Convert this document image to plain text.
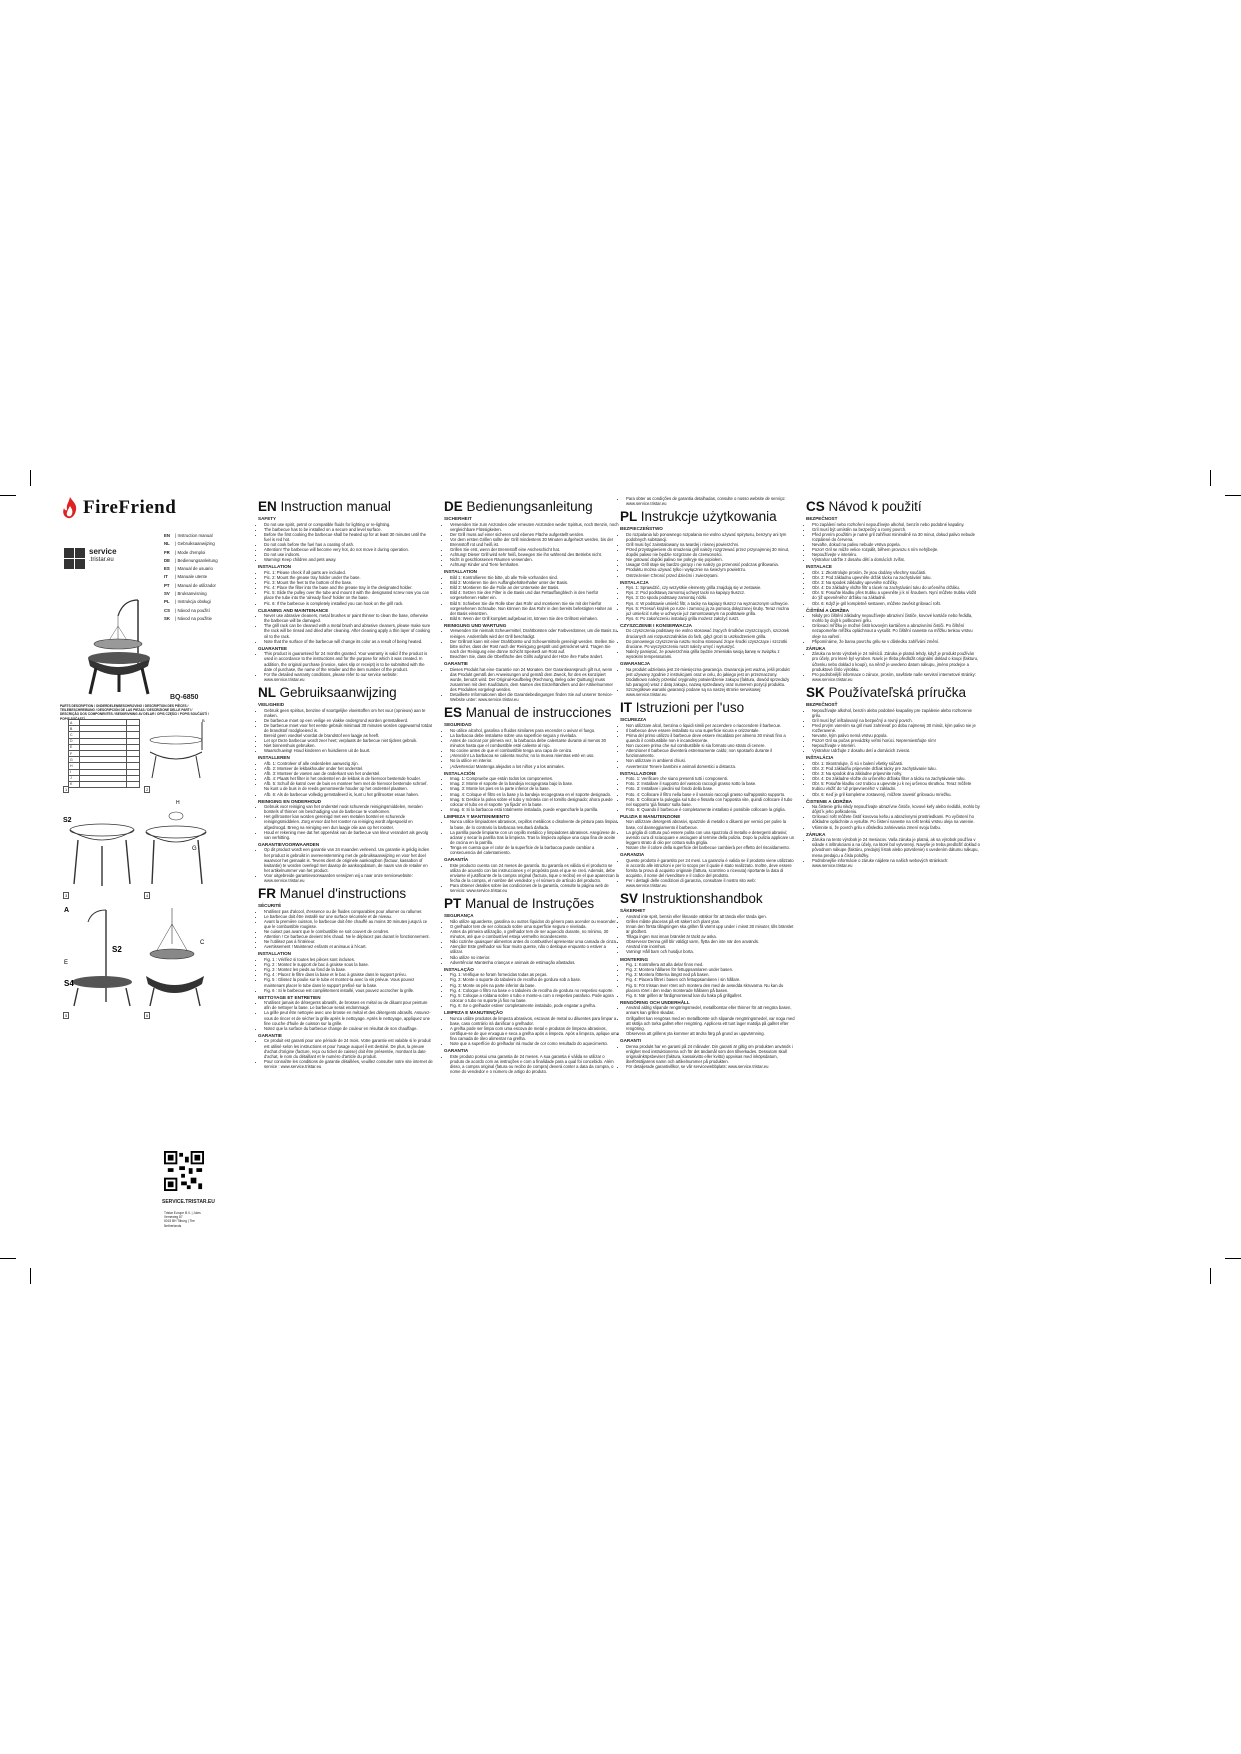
FireFriend
service
.tristar.eu
EN | Instruction manual
NL | Gebruiksaanwijzing
FR | Mode d'emploi
DE | Bedienungsanleitung
ES | Manual de usuario
IT | Manuale utente
PT | Manual de utilizador
SV | Bruksanvisning
PL | Instrukcja obsługi
CS | Návod na použití
SK | Návod na použitie
BQ-6850
PARTS DESCRIPTION / ONDERDELENBESCHRIJVING / DESCRIPTION DES PIÈCES / TEILEBESCHREIBUNG / DESCRIPCIÓN DE LAS PIEZAS / DESCRIZIONE DELLE PARTI / DESCRIÇÃO DOS COMPONENTES / BESKRIVNING AV DELAR / OPIS CZĘŚCI / POPIS SOUČÁSTÍ / POPIS SÚČASTÍ
A		
B		
C		
D		
E		
F		
G		
H		
I		
J		
K		
B
1	2
S2
H
G
3	4
A
S2
E
S4
C
5	6
SERVICE.TRISTAR.EU
Tristar Europe B.V. | Jules Verneweg 87
5015 BH Tilburg | The Netherlands
EN Instruction manual
SAFETY
• Do not use spirit, petrol or compatible fluids for lighting or re-lighting.
• The barbecue has to be installed on a secure and level surface.
• Before the first cooking the barbecue shall be heated up for at least 30 minutes until the fuel is red hot.
• Do not cook before the fuel has a coating of ash.
• Attention! The barbecue will become very hot, do not move it during operation.
• Do not use indoors.
• Warning! Keep children and pets away.
INSTALLATION
• Pic. 1: Please check if all parts are included.
• Pic. 2: Mount the grease tray holder under the base.
• Pic. 3: Mount the feet to the bottom of the base.
• Pic. 4: Place the filter into the base and the grease tray in the designated holder.
• Pic. 5: Slide the pulley over the tube and mount it with the designated screw now you can place the tube into the 'already fixed' holder on the base.
• Pic. 6: If the barbecue is completely installed you can hook on the grill rack.
CLEANING AND MAINTENANCE
• Never use abrasive cleaners, metal brushes or paint thinner to clean the base, otherwise the barbecue will be damaged.
• The grill rack can be cleaned with a metal brush and abrasive cleaners, please make sure the rack will be rinsed and dried after cleaning. After cleaning apply a thin layer of cooking oil to the rack.
• Note that the surface of the barbecue will change its color as a result of being heated.
GUARANTEE
• This product is guaranteed for 24 months granted. Your warranty is valid if the product is used in accordance to the instructions and for the purpose for which it was created. In addition, the original purchase (invoice, sales slip or receipt) is to be submitted with the date of purchase, the name of the retailer and the item number of the product.
• For the detailed warranty conditions, please refer to our service website: www.service.tristar.eu
NL Gebruiksaanwijzing
VEILIGHEID
• Gebruik geen spiritus, benzine of soortgelijke vloeistoffen om het vuur (opnieuw) aan te maken.
• De barbecue moet op een veilige en vlakke ondergrond worden geïnstalleerd.
• De barbecue moet voor het eerste gebruik minimaal 30 minuten worden opgewarmd totdat de brandstof roodgloeiend is.
• Bereid geen voedsel voordat de brandstof een laagje as heeft.
• Let op! Deze barbecue wordt zeer heet; verplaats de barbecue niet tijdens gebruik.
• Niet binnenshuis gebruiken.
• Waarschuwing! Houd kinderen en huisdieren uit de buurt.
INSTALLEREN
• Afb. 1: Controleer of alle onderdelen aanwezig zijn.
• Afb. 2: Monteer de lekbakhouder onder het onderstel.
• Afb. 3: Monteer de voeten aan de onderkant van het onderstel.
• Afb. 4: Plaats het filter in het onderstel en de lekbak in de hiervoor bestemde houder.
• Afb. 5: Schuif de katrol over de buis en monteer hem met de hiervoor bestemde schroef. Nu kunt u de buis in de reeds gemonteerde houder op het onderstel plaatsen.
• Afb. 6: Als de barbecue volledig geïnstalleerd is, kunt u het grillrooster eraan haken.
REINIGING EN ONDERHOUD
• Gebruik voor reiniging van het onderstel nooit schurende reinigingsmiddelen, metalen borstels of thinner om beschadiging van de barbecue te voorkomen.
• Het grillrooster kan worden gereinigd met een metalen borstel en schurende reinigingsmiddelen. Zorg ervoor dat het rooster na reiniging wordt afgespoeld en afgedroogd. Breng na reiniging een dun laagje olie aan op het rooster.
• Houd er rekening mee dat het oppervlak van de barbecue van kleur verandert als gevolg van verhitting.
GARANTIEVOORWAARDEN
• Op dit product wordt een garantie van 24 maanden verleend. Uw garantie is geldig indien het product is gebruikt in overeenstemming met de gebruiksaanwijzing en voor het doel waarvoor het gemaakt is. Tevens dient de originele aankoopbon (factuur, kassabon of kwitantie) te worden overlegd met daarop de aankoopdatum, de naam van de retailer en het artikelnummer van het product.
• Voor uitgebreide garantievoorwaarden verwijzen wij u naar onze servicewebsite: www.service.tristar.eu
FR Manuel d'instructions
SÉCURITÉ
• N'utilisez pas d'alcool, d'essence ou de fluides comparables pour allumer ou rallumer.
• Le barbecue doit être installé sur une surface sécurisée et de niveau.
• Avant la première cuisson, le barbecue doit être chauffé au moins 30 minutes jusqu'à ce que le combustible rougisse.
• Ne cuisez pas avant que le combustible ne soit couvert de cendres.
• Attention ! Ce barbecue devient très chaud. Ne le déplacez pas durant le fonctionnement.
• Ne l'utilisez pas à l'intérieur.
• Avertissement ! Maintenez enfants et animaux à l'écart.
INSTALLATION
• Fig. 1 : Vérifiez si toutes les pièces sont incluses.
• Fig. 2 : Montez le support de bac à graisse sous la base.
• Fig. 3 : Montez les pieds au fond de la base.
• Fig. 4 : Placez le filtre dans la base et le bac à graisse dans le support prévu.
• Fig. 5 : Glissez la poulie sur le tube et montez-la avec la vis prévue. Vous pouvez maintenant placer le tube dans le support prefixé sur la base.
• Fig. 6 : Si le barbecue est complètement installé, vous pouvez accrocher la grille.
NETTOYAGE ET ENTRETIEN
• N'utilisez jamais de détergents abrasifs, de brosses en métal ou de diluant pour peinture afin de nettoyer la base. Le barbecue serait endommagé.
• La grille peut être nettoyée avec une brosse en métal et des détergents abrasifs. Assurez-vous de rincer et de sécher la grille après le nettoyage. Après le nettoyage, appliquez une fine couche d'huile de cuisson sur la grille.
• Notez que la surface du barbecue change de couleur en résultat de son chauffage.
GARANTIE
• Ce produit est garanti pour une période de 24 mois. Votre garantie est valable si le produit est utilisé selon les instructions et pour l'usage auquel il est destiné. De plus, la preuve d'achat d'origine (facture, reçu ou ticket de caisse) doit être présentée, montrant la date d'achat, le nom du détaillant et le numéro d'article du produit.
• Pour connaître les conditions de garantie détaillées, veuillez consulter notre site internet de service : www.service.tristar.eu
DE Bedienungsanleitung
SICHERHEIT
• Verwenden Sie zum Anzünden oder erneuten Anzünden weder Spiritus, noch Benzin, noch vergleichbare Flüssigkeiten.
• Der Grill muss auf einer sicheren und ebenen Fläche aufgestellt werden.
• Vor dem ersten Grillen sollte der Grill mindestens 30 Minuten aufgeheizt werden, bis der Brennstoff rot und heiß ist.
• Grillen Sie erst, wenn der Brennstoff eine Ascheschicht hat.
• Achtung! Dieser Grill wird sehr heiß, bewegen Sie ihn während des Betriebs nicht.
• Nicht in geschlossenen Räumen verwenden.
• Achtung! Kinder und Tiere fernhalten.
INSTALLATION
• Bild 1: Kontrollieren Sie bitte, ob alle Teile vorhanden sind.
• Bild 2: Montieren Sie den Auffangbehälterhalter unter der Basis.
• Bild 3: Montieren Sie die Füße an der Unterseite der Basis.
• Bild 4: Setzen Sie den Filter in die Basis und das Fettauffangblech in den hierfür vorgesehenen Halter ein.
• Bild 5: Schieben Sie die Rolle über das Rohr und montieren Sie sie mit der hierfür vorgesehenen Schraube. Nun können Sie das Rohr in den bereits befestigten Halter an der Basis einsetzen.
• Bild 6: Wenn der Grill komplett aufgebaut ist, können Sie den Grillrost einhaken.
REINIGUNG UND WARTUNG
• Verwenden Sie niemals Scheuermittel, Drahtbürsten oder Farbverdünner, um die Basis zu reinigen. Andernfalls wird der Grill beschädigt.
• Der Grillrost kann mit einer Drahtbürste und Scheuermitteln gereinigt werden. Stellen Sie bitte sicher, dass der Rost nach der Reinigung gespült und getrocknet wird. Tragen Sie nach der Reinigung eine dünne Schicht Speiseöl am Rost auf.
• Beachten Sie, dass die Oberfläche des Grills aufgrund der Hitze ihre Farbe ändert.
GARANTIE
• Dieses Produkt hat eine Garantie von 24 Monaten. Der Garantieanspruch gilt nur, wenn das Produkt gemäß den Anweisungen und gemäß dem Zweck, für den es konzipiert wurde, benutzt wird. Der Original-Kaufbeleg (Rechnung, Beleg oder Quittung) muss zusammen mit dem Kaufdatum, dem Namen des Einzelhändlers und der Artikelnummer des Produktes vorgelegt werden.
• Detaillierte Informationen über die Garantiebedingungen finden Sie auf unserer Service-Website unter: www.service.tristar.eu
ES Manual de instrucciones
SEGURIDAD
• No utilice alcohol, gasolina o fluidos similares para encender o avivar el fuego.
• La barbacoa debe instalarse sobre una superficie segura y nivelada.
• Antes de cocinar por primera vez, la barbacoa debe calentarse durante al menos 30 minutos hasta que el combustible esté caliente al rojo.
• No cocine antes de que el combustible tenga una capa de ceniza.
• ¡Atención! La barbacoa se calienta mucho; no la mueva mientras esté en uso.
• No la utilice en interior.
• ¡Advertencia! Mantenga alejados a los niños y a los animales.
INSTALACIÓN
• Imag. 1: Compruebe que están todos los componentes.
• Imag. 2: Monte el soporte de la bandeja recogegrasa bajo la base.
• Imag. 3: Monte los pies en la parte inferior de la base.
• Imag. 4: Coloque el filtro en la base y la bandeja recogegrasa en el soporte designado.
• Imag. 5: Deslice la polea sobre el tubo y móntela con el tornillo designado; ahora puede colocar el tubo en el soporte 'ya fijado' en la base.
• Imag. 6: Si la barbacoa está totalmente instalada, puede engancharle la parrilla.
LIMPIEZA Y MANTENIMIENTO
• Nunca utilice limpiadores abrasivos, cepillos metálicos o disolvente de pintura para limpiar la base, de lo contrario la barbacoa resultará dañada.
• La parrilla puede limpiarse con un cepillo metálico y limpiadores abrasivos. Asegúrese de aclarar y secar la parrilla tras la limpieza. Tras la limpieza aplique una capa fina de aceite de cocina en la parrilla.
• Tenga en cuenta que el color de la superficie de la barbacoa puede cambiar a consecuencia del calentamiento.
GARANTÍA
• Este producto cuenta con 24 meses de garantía. Su garantía es válida si el producto se utiliza de acuerdo con las instrucciones y el propósito para el que se creó. Además, debe enviarse el justificante de la compra original (factura, tique o recibo) en el que aparezcan la fecha de la compra, el nombre del vendedor y el número de artículo del producto.
• Para obtener detalles sobre las condiciones de la garantía, consulte la página web de servicio: www.service.tristar.eu
PT Manual de Instruções
SEGURANÇA
• Não utilize aguardente, gasolina ou outros líquidos do género para acender ou reacender.
• O grelhador tem de ser colocado sobre uma superfície segura e nivelada.
• Antes da primeira utilização, o grelhador tem de ser aquecido durante, no mínimo, 30 minutos, até que o combustível esteja vermelho incandescente.
• Não cozinhe quaisquer alimentos antes do combustível apresentar uma camada de cinza.
• Atenção! Este grelhador vai ficar muito quente, não o desloque enquanto o estiver a utilizar.
• Não utilize no interior.
• Advertência! Mantenha crianças e animais de estimação afastados.
INSTALAÇÃO
• Fig. 1: Verifique se foram fornecidas todas as peças.
• Fig. 2: Monte o suporte do tabuleiro de recolha de gordura sob a base.
• Fig. 3: Monte os pés na parte inferior da base.
• Fig. 4: Coloque o filtro na base e o tabuleiro de recolha de gordura no respetivo suporte.
• Fig. 5: Coloque a roldana sobre o tubo e monte-a com o respetivo parafuso. Pode agora colocar o tubo no suporte já fixo na base.
• Fig. 6: Se o grelhador estiver completamente instalado, pode engatar a grelha.
LIMPEZA E MANUTENÇÃO
• Nunca utilize produtos de limpeza abrasivos, escovas de metal ou diluentes para limpar a base, caso contrário irá danificar o grelhador.
• A grelha pode ser limpa com uma escova de metal e produtos de limpeza abrasivos, certifique-se de que enxagua e seca a grelha após a limpeza. Após a limpeza, aplique uma fina camada de óleo alimentar na grelha.
• Note que a superfície do grelhador irá mudar de cor como resultado do aquecimento.
GARANTIA
• Este produto possui uma garantia de 24 meses. A sua garantia é válida se utilizar o produto de acordo com as instruções e com a finalidade para a qual foi concebido. Além disso, a compra original (fatura ou recibo de compra) deverá conter a data da compra, o nome do vendedor e o número de artigo do produto.
• Para obter as condições de garantia detalhadas, consulte o nosso website de serviço: www.service.tristar.eu
PL Instrukcje użytkowania
BEZPIECZEŃSTWO
• Do rozpalania lub ponownego rozpalania nie wolno używać spirytusu, benzyny ani tym podobnych substancji.
• Grill musi być zainstalowany na twardej i równej powierzchni.
• Przed przystąpieniem do smażenia grill należy rozgrzewać przez przynajmniej 30 minut, dopóki paliwo nie będzie rozgrzane do czerwoności.
• Nie gotować dopóki paliwo nie pokryje się popiołem.
• Uwaga! Grill staje się bardzo gorący i nie należy go przenosić podczas grillowania.
• Produktu można używać tylko i wyłącznie na świeżym powietrzu.
• Ostrzeżenie! Chronić przed dziećmi i zwierzętami.
INSTALACJA
• Rys. 1: Sprawdzić, czy wszystkie elementy grilla znajdują się w zestawie.
• Rys. 2: Pod podstawą zamontuj uchwyt tacki na kapiący tłuszcz.
• Rys. 3: Do spodu podstawy zamontuj nóżki.
• Rys. 4: W podstawie umieść filtr, a tackę na kapiący tłuszcz na wyznaczonym uchwycie.
• Rys. 5: Przesuń krążek po rurze i zamocuj ją za pomocą dołączonej śruby. Teraz można już umieścić rurkę w uchwycie już zamontowanym na podstawie grilla.
• Rys. 6: Po zakończeniu instalacji grilla możesz założyć ruszt.
CZYSZCZENIE I KONSERWACJA
• Do czyszczenia podstawy nie wolno stosować żrących środków czyszczących, szczotek drucianych ani rozpuszczalników do farb, gdyż grozi to uszkodzeniem grilla.
• Do ponownego czyszczenia rusztu można stosować żrące środki czyszczące i szczotki druciane. Po wyczyszczeniu ruszt należy umyć i wysuszyć.
• Należy pamiętać, że powierzchnia grilla będzie zmieniała swoją barwę w związku z wysokimi temperaturami.
GWARANCJA
• Na produkt udzielana jest 24-miesięczna gwarancja. Gwarancja jest ważna, jeśli produkt jest używany zgodnie z instrukcjami oraz w celu, do jakiego jest on przeznaczony. Dodatkowo należy przesłać oryginalny potwierdzenie zakupu (faktura, dowód sprzedaży lub paragon) wraz z datą zakupu, nazwą sprzedawcy oraz numerem pozycji produktu.
• Szczegółowe warunki gwarancji podane są na naszej stronie serwisowej: www.service.tristar.eu
IT Istruzioni per l'uso
SICUREZZA
• Non utilizzare alcol, benzina o liquidi simili per accendere o riaccendere il barbecue.
• Il barbecue deve essere installato su una superficie sicura e orizzontale.
• Prima del primo utilizzo il barbecue deve essere riscaldato per almeno 30 minuti fino a quando il combustibile non è incandescente.
• Non cuocere prima che sul combustibile si sia formato uno strato di cenere.
• Attenzione! Il barbecue diventerà estremamente caldo; non spostarlo durante il funzionamento.
• Non utilizzare in ambienti chiusi.
• Avvertenza! Tenere bambini e animali domestici a distanza.
INSTALLAZIONE
• Foto. 1: Verificare che siano presenti tutti i componenti.
• Foto. 2: Installare il supporto del vassoio raccogli grasso sotto la base.
• Foto. 3: Installare i piedini sul fondo della base.
• Foto. 4: Collocare il filtro nella base e il vassoio raccogli grasso sull'apposito supporto.
• Foto. 5: Collocare la puleggia sul tubo e fissarla con l'apposita vite, quindi collocare il tubo nel supporto 'già fissato' sulla base.
• Foto. 6: Quando il barbecue è completamente installato è possibile collocare la griglia.
PULIZIA E MANUTENZIONE
• Non utilizzare detergenti abrasivi, spazzole di metallo o diluenti per vernici per pulire la base, col danneggiamento il barbecue.
• La griglia di cottura può essere pulita con una spazzola di metallo e detergenti abrasivi; avendo cura di sciacquare e asciugare al termine della pulizia. Dopo la pulizia applicare un leggero strato di olio per cottura sulla griglia.
• Notare che il colore della superficie del barbecue cambierà per effetto del riscaldamento.
GARANZIA
• Questo prodotto è garantito per 24 mesi. La garanzia è valida se il prodotto viene utilizzato in accordo alle istruzioni e per lo scopo per il quale è stato realizzato. Inoltre, deve essere fornita la prova di acquisto originale (fattura, scontrino o ricevuta) riportante la data di acquisto, il nome del rivenditore e il codice del prodotto.
• Per i dettagli delle condizioni di garanzia, consultare il nostro sito web: www.service.tristar.eu
SV Instruktionshandbok
SÄKERHET
• Använd inte sprit, bensin eller liknande vätskor för att tända eller tända igen.
• Grillen måste placeras på ett säkert och plant ytan.
• Innan den första tillagningen ska grillen få värmt upp under i minst 30 minuter, tills bränslet är glödhett.
• Tillaga ingen mat innan bränslet är täckt av aska.
• Observera! Denna grill blir väldigt varm, flytta den inte när den används.
• Använd inte inomhus.
• Varning! Håll barn och husdjur borta.
MONTERING
• Fig. 1: Kontrollera att alla delar finns med.
• Fig. 2: Montera hållaren för fettuppsamlaren under basen.
• Fig. 3: Montera fötterna längst ned på basen.
• Fig. 4: Placera filtret i basen och fettuppsamlaren i sin hållare.
• Fig. 5: För trissan över röret och montera den med de avsedda skruvarna. Nu kan du placera röret i den redan monterade hållaren på basen.
• Fig. 6: När grillen är färdigmonterad kan du haka på grillgallret.
RENGÖRING OCH UNDERHÅLL
• Använd aldrig slipande rengöringsmedel, metallborstar eller thinner för att rengöra basen, annars kan grillen skadas.
• Grillgallret kan rengöras med en metallborste och slipande rengöringsmedel, var noga med att skölja och torka gallret efter rengöring. Applicera ett tunt lager matolja på gallret efter rengöring.
• Observera att grillens yta kommer att ändra färg på grund av uppvärmning.
GARANTI
• Denna produkt har en garanti på 24 månader. Din garanti är giltig om produkten används i enlighet med instruktionerna och för det ändamål som den tillverkades. Dessutom skall originalinköpsbeviset (faktura, kassakvitto eller kvitto) uppvisas med inköpsdatum, återförsäljarens namn och artikelnummer på produkten.
• För detaljerade garantivillkor, se vår servicewebbplats: www.service.tristar.eu
CS Návod k použití
BEZPEČNOST
• Pro zapálení nebo rozhoření nepoužívejte alkohol, benzín nebo podobné kapaliny.
• Gril musí být umístěn na bezpečný a rovný povrch.
• Před prvním použitím je nutné gril zahřívat minimálně na 30 minut, dokud palivo nebude rozpálené do červena.
• Nevařte, dokud na palivu nebude vrstva popela.
• Pozor! Gril se může velice rozpálit, během provozu s ním nehýbejte.
• Nepoužívejte v interiéru.
• Výstraha! Udržte z dosahu dětí a domácích zvířat.
INSTALACE
• Obr. 1: Zkontrolujte prosím, že jsou dodány všechny součásti.
• Obr. 2: Pod základnu upevněte držák tácku na zachytávání tuku.
• Obr. 3: Na spodek základny upevněte nožičky.
• Obr. 4: Do základny vložte filtr a tácek na zachytávání tuku do určeného držáku.
• Obr. 5: Posuňte kladku přes trubku a upevněte ji k ní šroubem. Nyní můžete trubku vložit do 'již upevněného' držáku na základně.
• Obr. 6: Když je gril kompletně sestaven, můžete zavěsit grilovací rošt.
ČIŠTĚNÍ A ÚDRŽBA
• Nikdy pro čištění základny nepoužívejte abrazivní čističe, kovové kartáče nebo ředidla, mohlo by dojít k poškození grilu.
• Grilovací mřížku je možné čistit kovovým kartáčem a abrazivními čističi. Po čištění nezapomeňte mřížku opláchnout a vysušit. Po čištění naneste na mřížku tenkou vrstvu oleje na vaření.
• Připomínáme, že barva povrchu grilu se v důsledku zahřívání změní.
ZÁRUKA
• Záruka na tento výrobek je 24 měsíců. Záruka je platná tehdy, když je produkt používán pro účely, pro které byl vyroben. Navíc je třeba předložit originální doklad o koupi (fakturu, účtenku nebo doklad o koupi), na němž je uvedeno datum nákupu, jméno prodejce a produktové číslo výrobku.
• Pro podrobnější informace o záruce, prosím, navštivte naše servisní internetové stránky: www.service.tristar.eu
SK Používateľská príručka
BEZPEČNOSŤ
• Nepoužívajte alkohol, benzín alebo podobné kvapaliny pre zapálenie alebo rozhorenie grilu.
• Gril musí byť inštalovaný na bezpečný a rovný povrch.
• Pred prvým varením sa gril musí zahrievať po dobu najmenej 30 minút, kým palivo nie je rozžeravené.
• Nevarte, kým palivo nemá vrstvu popola.
• Pozor! Gril sa počas prevádzky veľmi horúci. Nepremiestňujte ním!
• Nepoužívajte v interiéri.
• Výstraha! Udržujte z dosahu detí a domácich zvierat.
INŠTALÁCIA
• Obr. 1: Skontrolujte, či sú v balení všetky súčasti.
• Obr. 2: Pod základňu pripevnite držiak tácky pre zachytávanie tuku.
• Obr. 3: Na spodok dna základne pripevnite nohy.
• Obr. 4: Do základne vložte do určeného držiaku filter a tácku na zachytávanie tuku.
• Obr. 5: Posuňte kladku cez trubicu a upevnite ju k nej určenou skrutkou. Teraz môžete trubicu vložiť do 'už pripevneného' v základni.
• Obr. 6: Keď je gril kompletne zostavený, môžete zavesiť grilovaciu mriežku.
ČISTENIE A ÚDRŽBA
• Na čistenie grilu nikdy nepoužívajte abrazívne čističe, kovové kefy alebo riedidlá, mohlo by dôjsť k jeho poškodeniu.
• Grilovací rošt môžete čistiť kovovou kefou a abrazívnymi prostriedkami. Po vyčistení ho dôkladne opláchnite a vysušte. Po čistení naneste na rošt tenkú vrstvu oleja na varenie.
• Všimnite si, že povrch grilu v dôsledku zahrievania zmení svoju farbu.
ZÁRUKA
• Záruka na tento výrobok je 24 mesiacov. Vaša záruka je platná, ak sa výrobok používa v súlade s inštrukciami a na účely, na ktoré bol vytvorený. Navyše je treba predložiť doklad o pôvodnom nákupe (faktúru, predajný lístok alebo potvrdenie) s uvedením dátumu nákupu, mena predajcu a čísla položky.
• Podrobnejšie informácie o záruke nájdete na našich webových stránkach: www.service.tristar.eu
